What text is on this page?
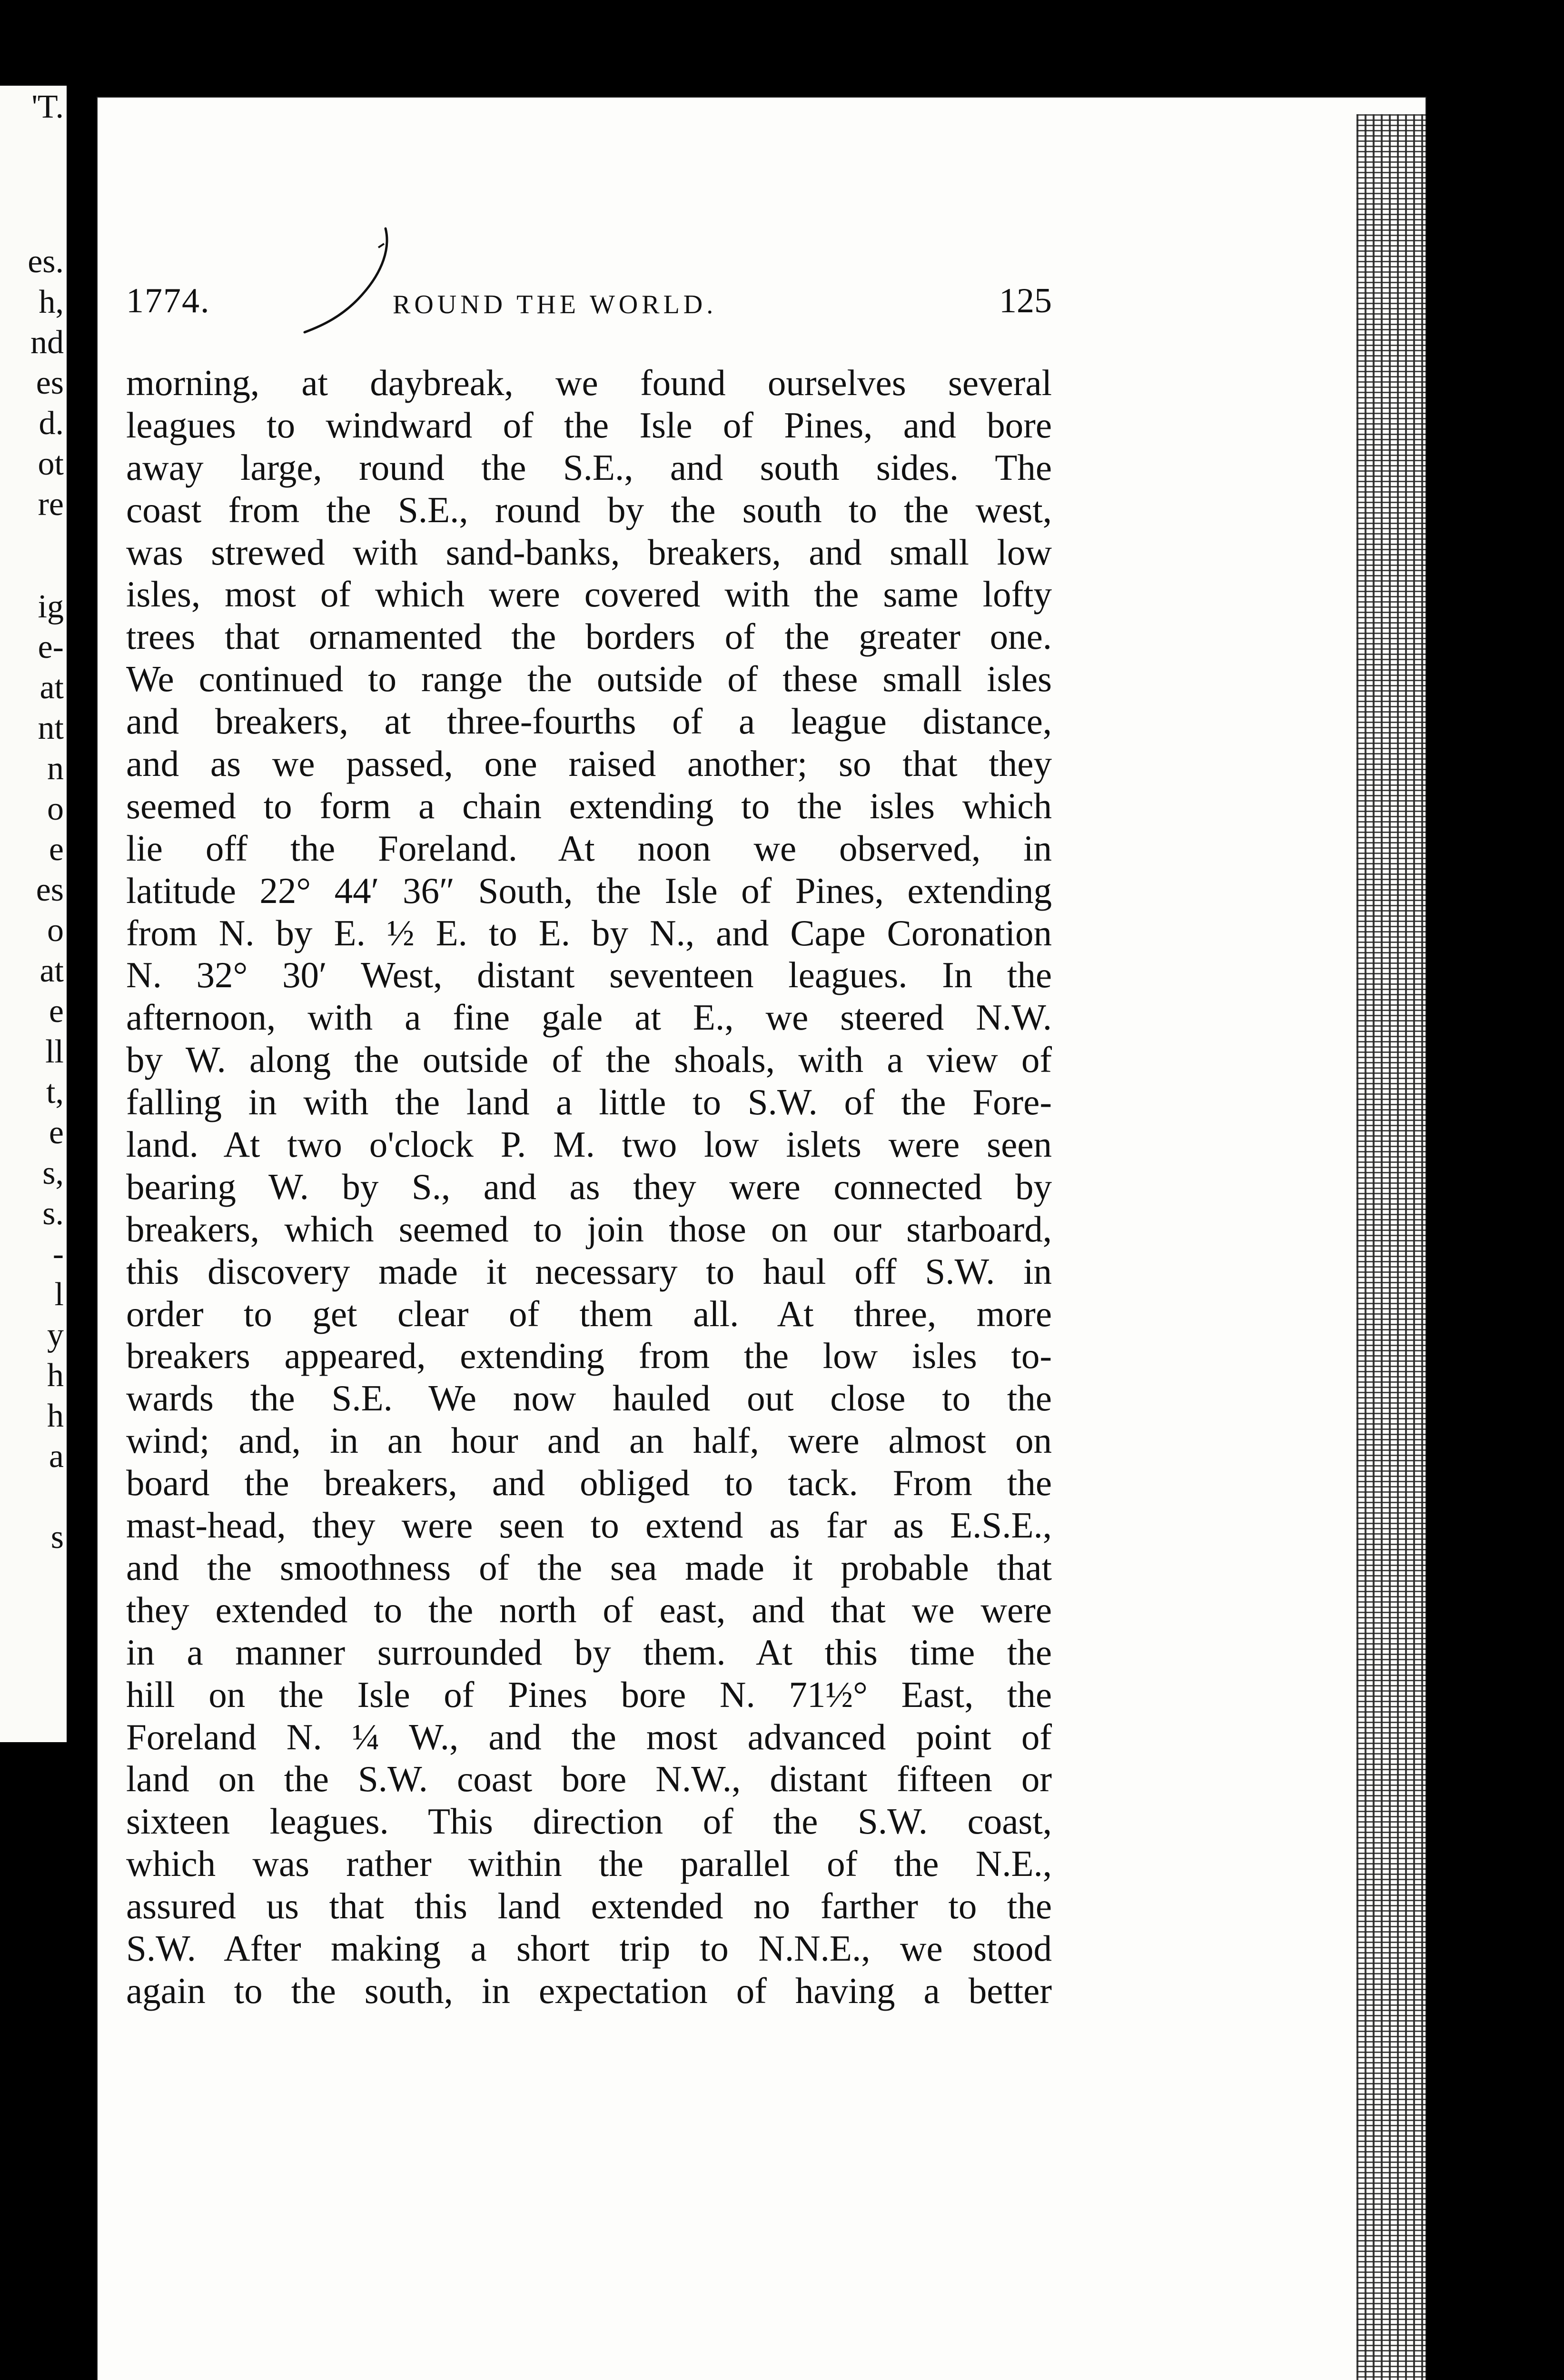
'T.
es.
h,
nd
es
d.
ot
re
ig
e-
at
nt
n
o
e
es
o
at
e
ll
t,
e
s,
s.
-
l
y
h
h
a
s
1774.	ROUND THE WORLD.	125
morning, at daybreak, we found ourselves several
leagues to windward of the Isle of Pines, and bore
away large, round the S.E., and south sides. The
coast from the S.E., round by the south to the west,
was strewed with sand-banks, breakers, and small low
isles, most of which were covered with the same lofty
trees that ornamented the borders of the greater one.
We continued to range the outside of these small isles
and breakers, at three-fourths of a league distance,
and as we passed, one raised another; so that they
seemed to form a chain extending to the isles which
lie off the Foreland. At noon we observed, in
latitude 22° 44′ 36″ South, the Isle of Pines, extending
from N. by E. ½ E. to E. by N., and Cape Coronation
N. 32° 30′ West, distant seventeen leagues. In the
afternoon, with a fine gale at E., we steered N.W.
by W. along the outside of the shoals, with a view of
falling in with the land a little to S.W. of the Fore-
land. At two o'clock P. M. two low islets were seen
bearing W. by S., and as they were connected by
breakers, which seemed to join those on our starboard,
this discovery made it necessary to haul off S.W. in
order to get clear of them all. At three, more
breakers appeared, extending from the low isles to-
wards the S.E. We now hauled out close to the
wind; and, in an hour and an half, were almost on
board the breakers, and obliged to tack. From the
mast-head, they were seen to extend as far as E.S.E.,
and the smoothness of the sea made it probable that
they extended to the north of east, and that we were
in a manner surrounded by them. At this time the
hill on the Isle of Pines bore N. 71½° East, the
Foreland N. ¼ W., and the most advanced point of
land on the S.W. coast bore N.W., distant fifteen or
sixteen leagues. This direction of the S.W. coast,
which was rather within the parallel of the N.E.,
assured us that this land extended no farther to the
S.W. After making a short trip to N.N.E., we stood
again to the south, in expectation of having a better
